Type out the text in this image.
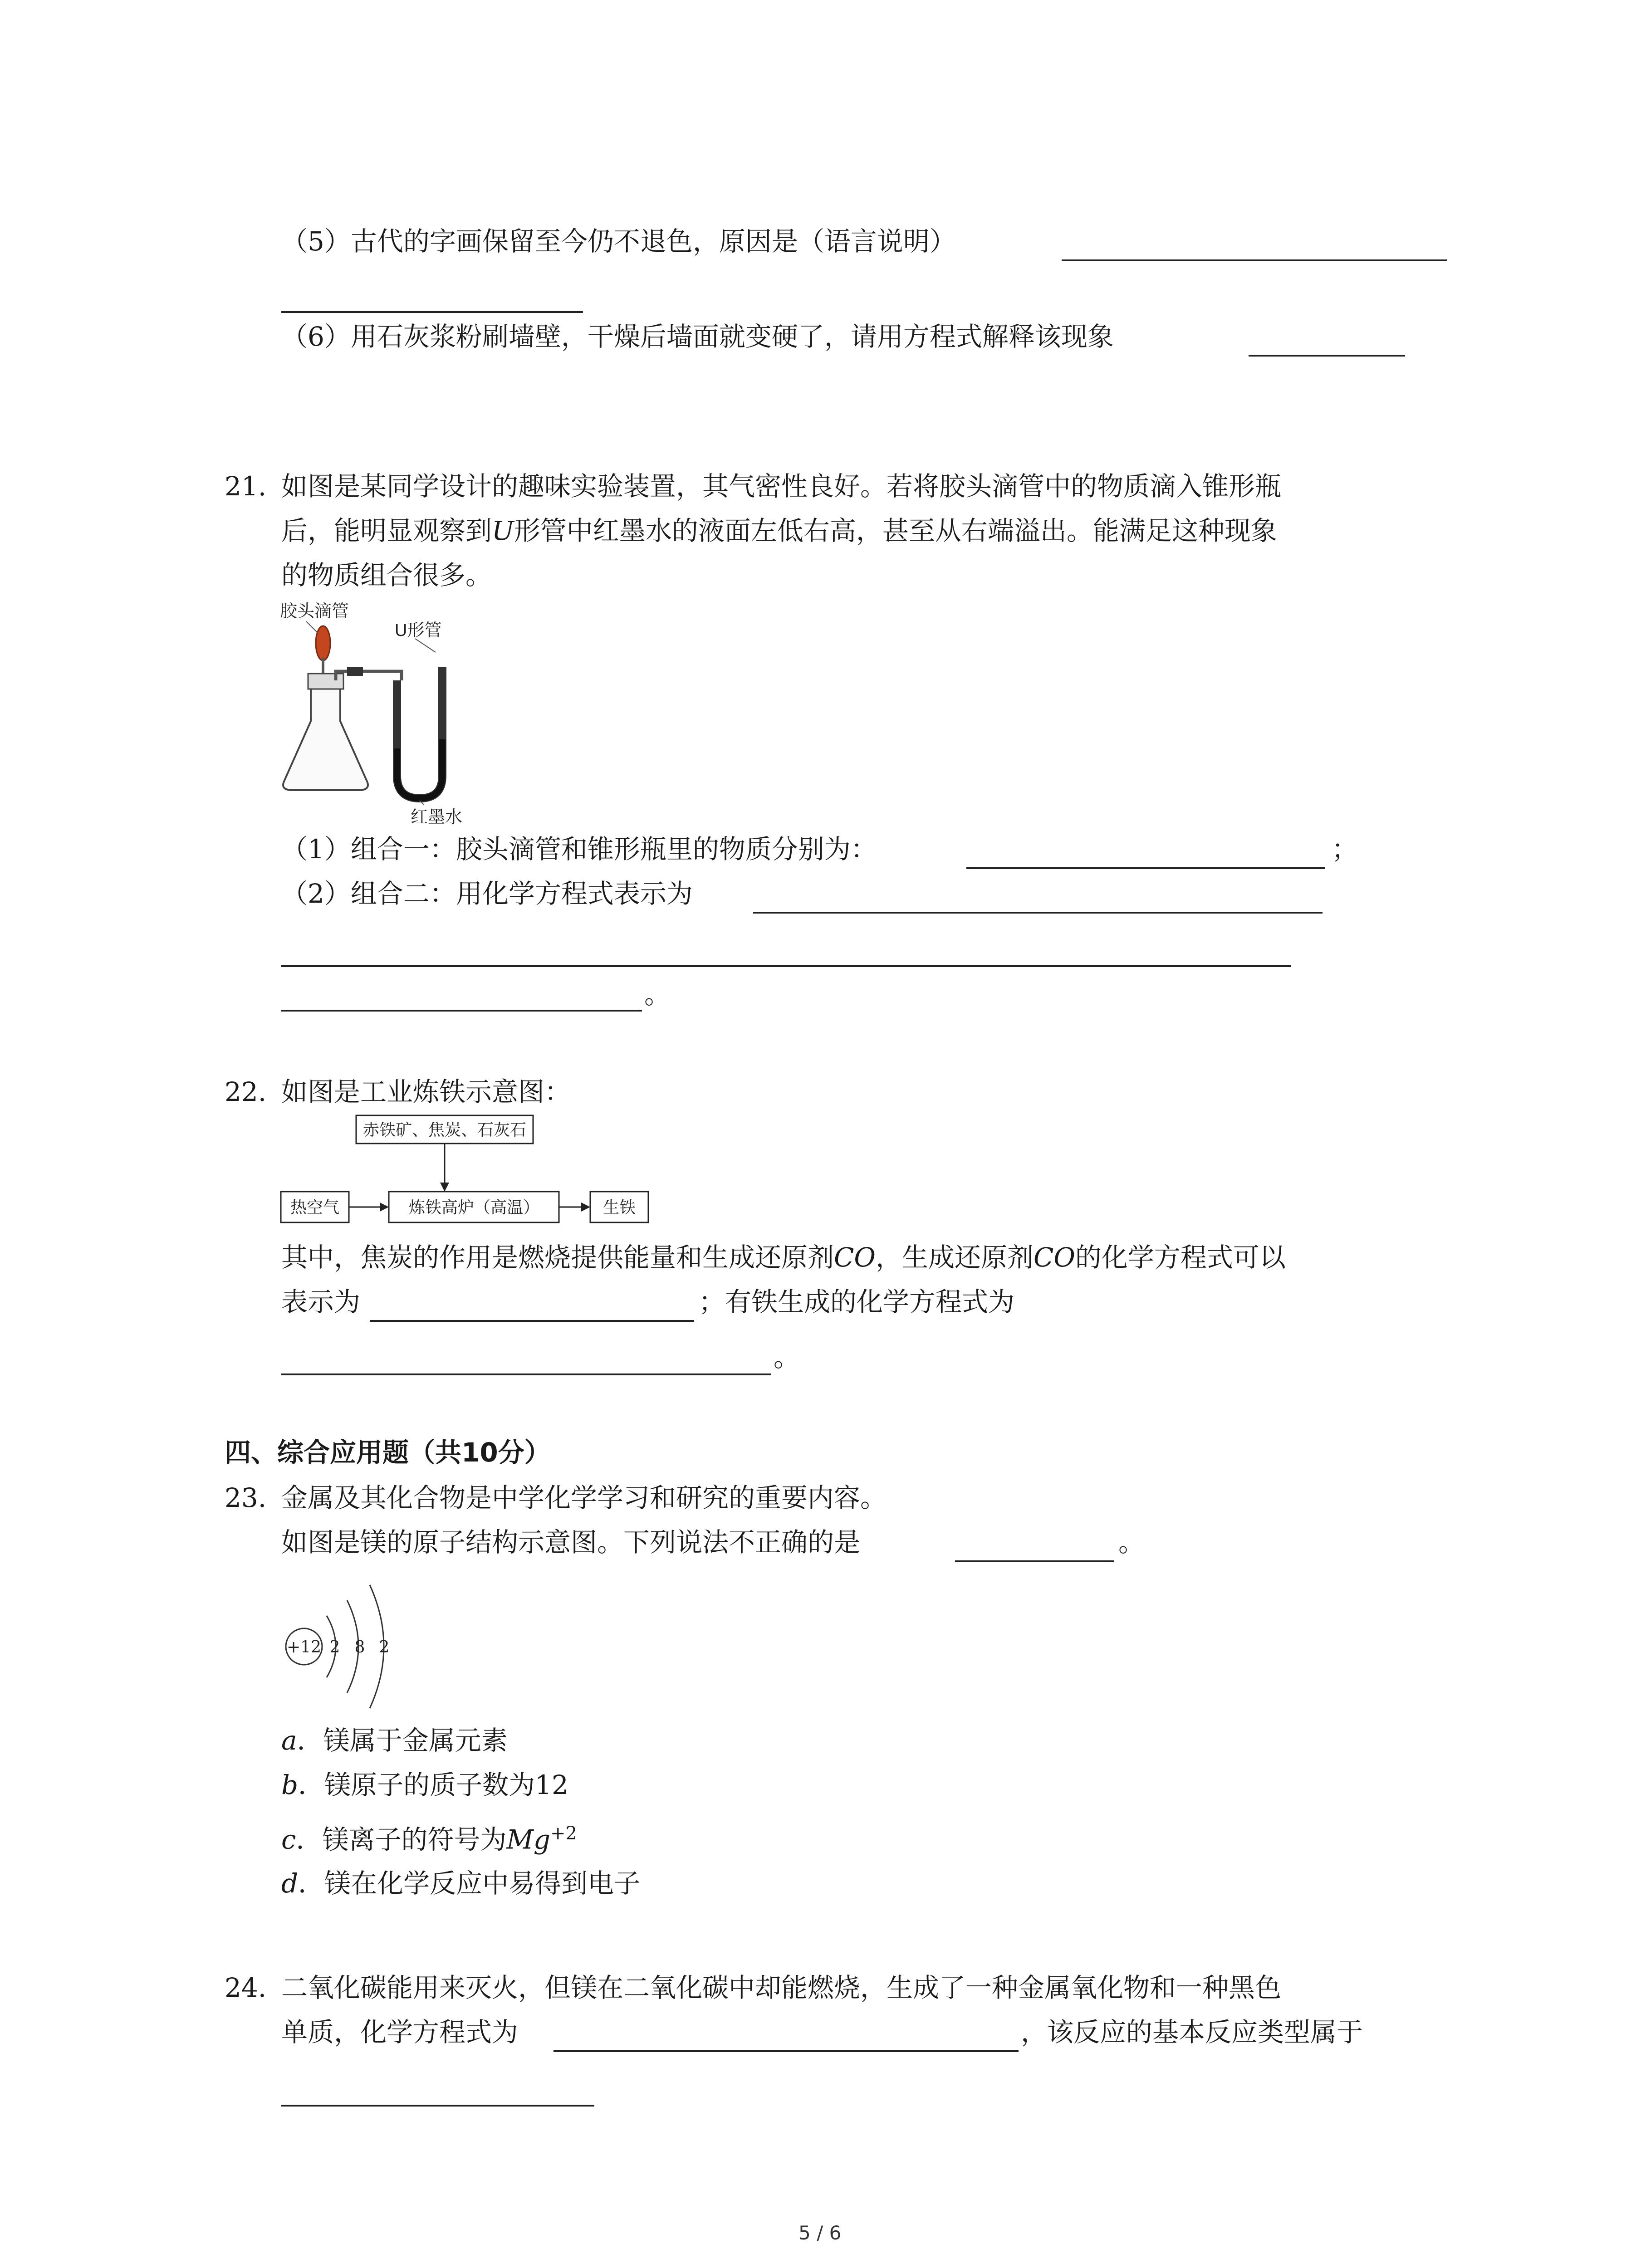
（5）古代的字画保留至今仍不退色，原因是（语言说明）
（6）用石灰浆粉刷墙壁，干燥后墙面就变硬了，请用方程式解释该现象
21. 如图是某同学设计的趣味实验装置，其气密性良好。若将胶头滴管中的物质滴入锥形瓶
后，能明显观察到U形管中红墨水的液面左低右高，甚至从右端溢出。能满足这种现象
的物质组合很多。
胶头滴管
U形管
红墨水
（1）组合一：胶头滴管和锥形瓶里的物质分别为：	；
（2）组合二：用化学方程式表示为
。
22. 如图是工业炼铁示意图：
赤铁矿、焦炭、石灰石
热空气	炼铁高炉（高温）	生铁
其中，焦炭的作用是燃烧提供能量和生成还原剂CO，生成还原剂CO的化学方程式可以
表示为	；有铁生成的化学方程式为
。
四、综合应用题（共10分）
23. 金属及其化合物是中学化学学习和研究的重要内容。
如图是镁的原子结构示意图。下列说法不正确的是	。
+12 2 8 2
a．镁属于金属元素
b．镁原子的质子数为12
c．镁离子的符号为$Mg^{+2}$
d．镁在化学反应中易得到电子
24. 二氧化碳能用来灭火，但镁在二氧化碳中却能燃烧，生成了一种金属氧化物和一种黑色
单质，化学方程式为	，该反应的基本反应类型属于
5 / 6
